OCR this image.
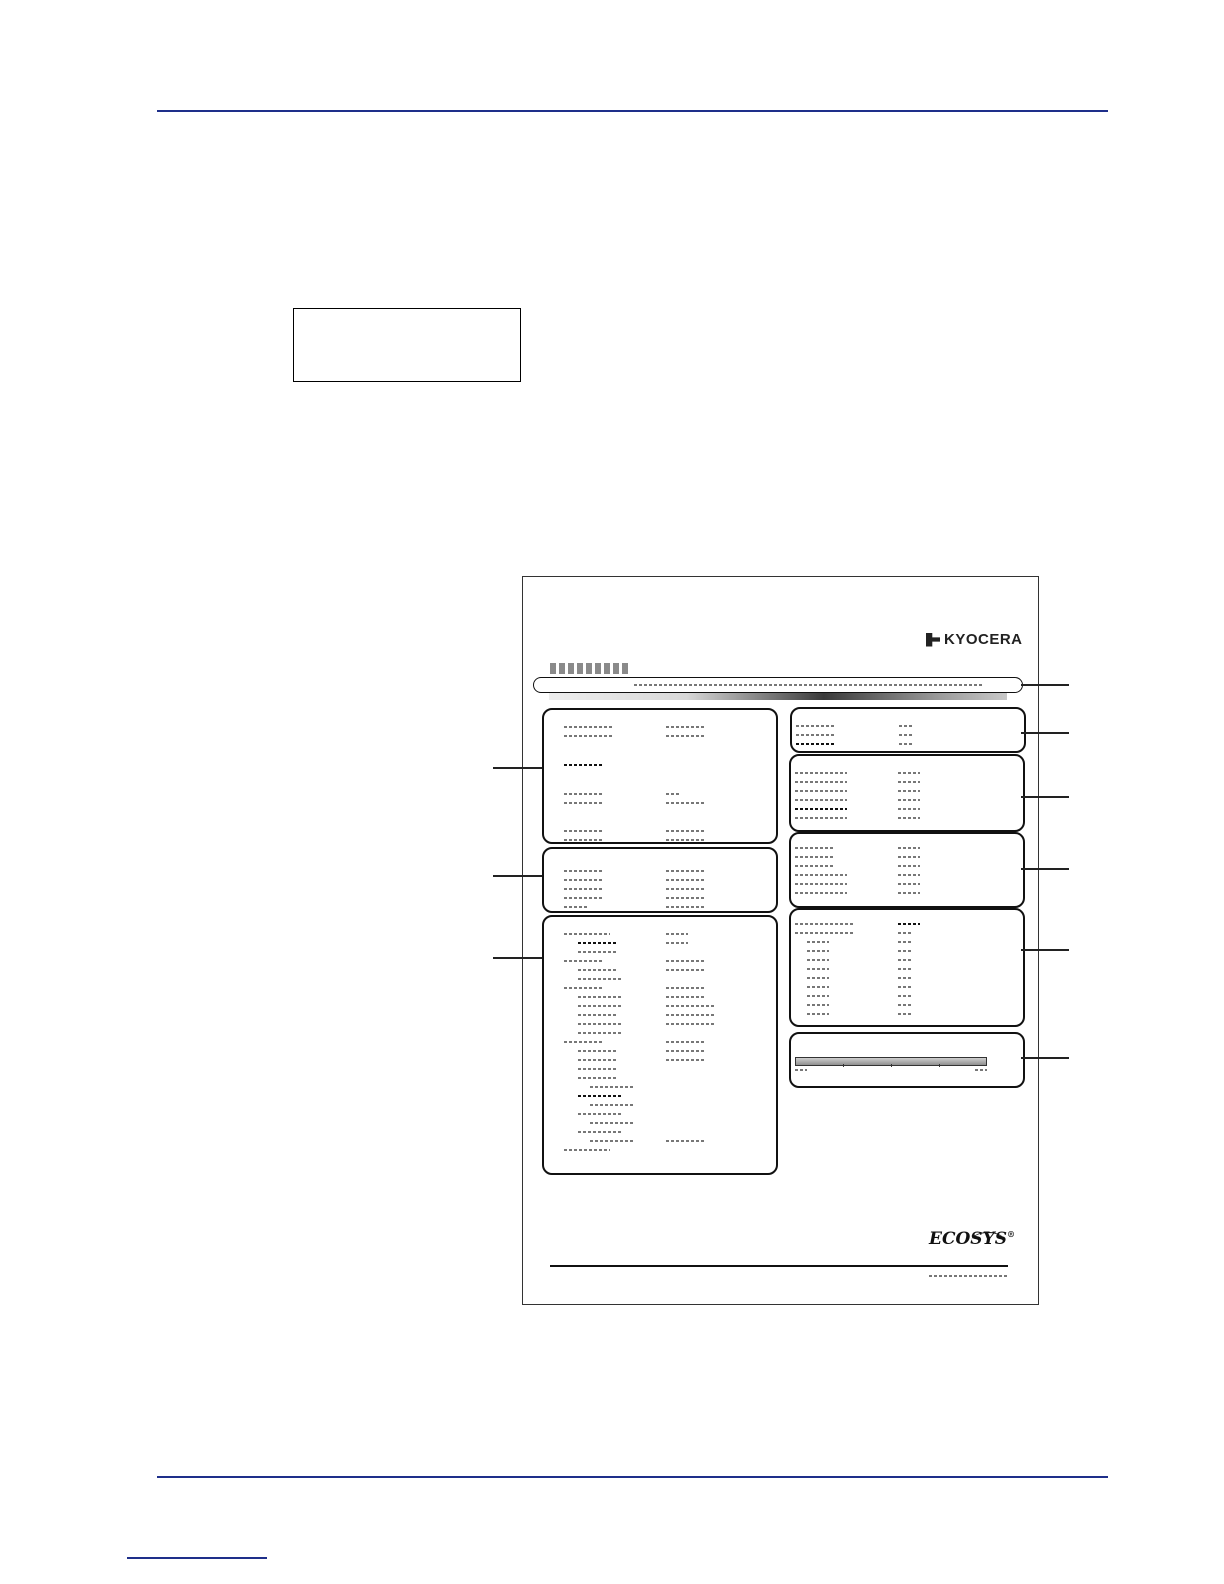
KYOCERA
ECOSYS®
